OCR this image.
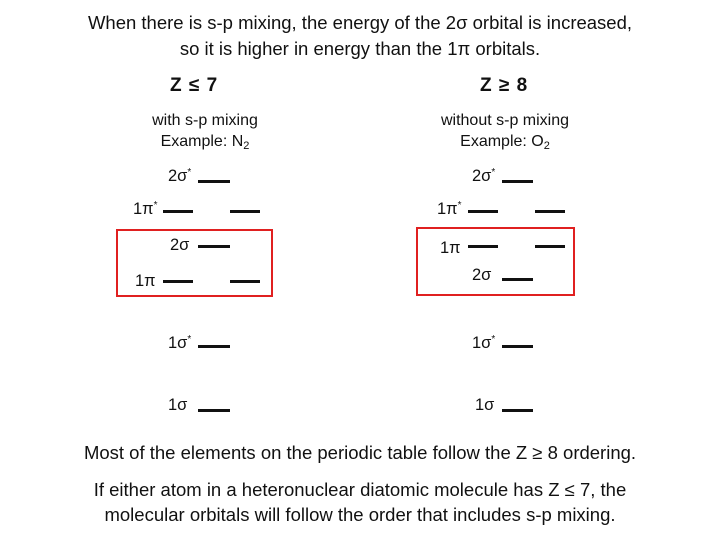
When there is s-p mixing, the energy of the 2σ orbital is increased,
so it is higher in energy than the 1π orbitals.
Z ≤ 7
with s-p mixing
Example: $N_2$
Z ≥ 8
without s-p mixing
Example: $O_2$
2σ*
1π*
2σ
1π
1σ*
1σ
2σ*
1π*
1π
2σ
1σ*
1σ
Most of the elements on the periodic table follow the Z ≥ 8 ordering.
If either atom in a heteronuclear diatomic molecule has Z ≤ 7, the
molecular orbitals will follow the order that includes s-p mixing.
